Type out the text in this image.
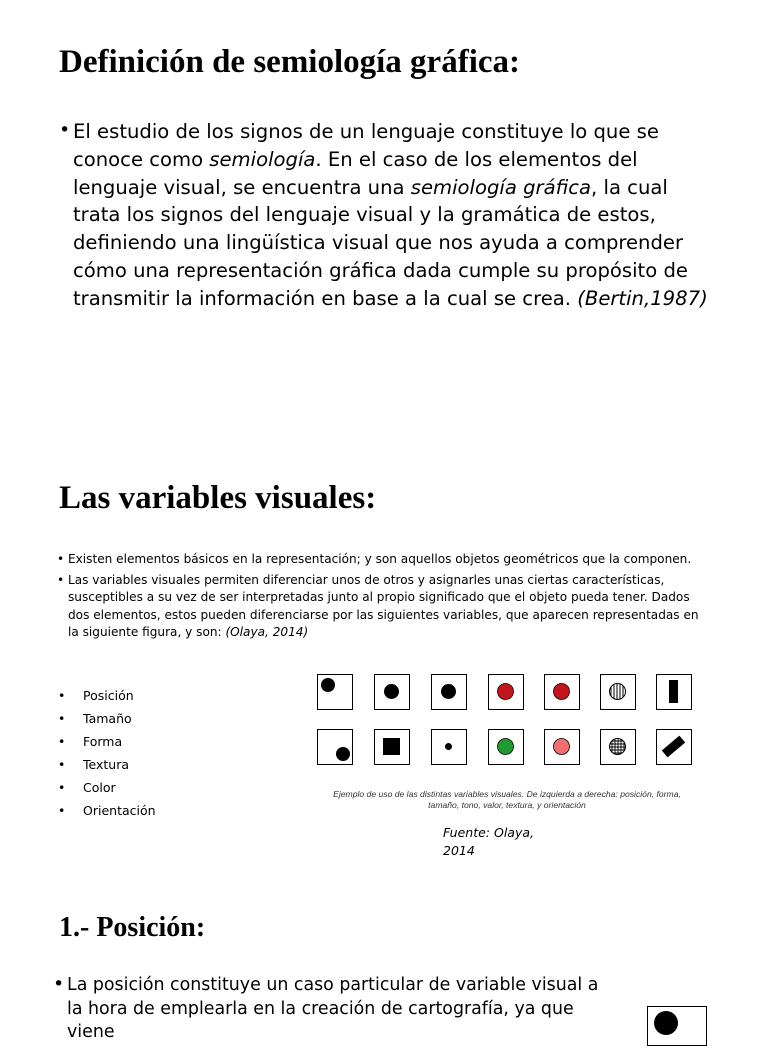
Definición de semiología gráfica:
• El estudio de los signos de un lenguaje constituye lo que se conoce como semiología. En el caso de los elementos del lenguaje visual, se encuentra una semiología gráfica, la cual trata los signos del lenguaje visual y la gramática de estos, definiendo una lingüística visual que nos ayuda a comprender cómo una representación gráfica dada cumple su propósito de transmitir la información en base a la cual se crea. (Bertin,1987)
Las variables visuales:
• Existen elementos básicos en la representación; y son aquellos objetos geométricos que la componen.
• Las variables visuales permiten diferenciar unos de otros y asignarles unas ciertas características, susceptibles a su vez de ser interpretadas junto al propio significado que el objeto pueda tener. Dados dos elementos, estos pueden diferenciarse por las siguientes variables, que aparecen representadas en la siguiente figura, y son: (Olaya, 2014)
• Posición
• Tamaño
• Forma
• Textura
• Color
• Orientación
Ejemplo de uso de las distintas variables visuales. De izquierda a derecha: posición, forma, tamaño, tono, valor, textura, y orientación
Fuente: Olaya,
2014
1.- Posición:
• La posición constituye un caso particular de variable visual a la hora de emplearla en la creación de cartografía, ya que viene
